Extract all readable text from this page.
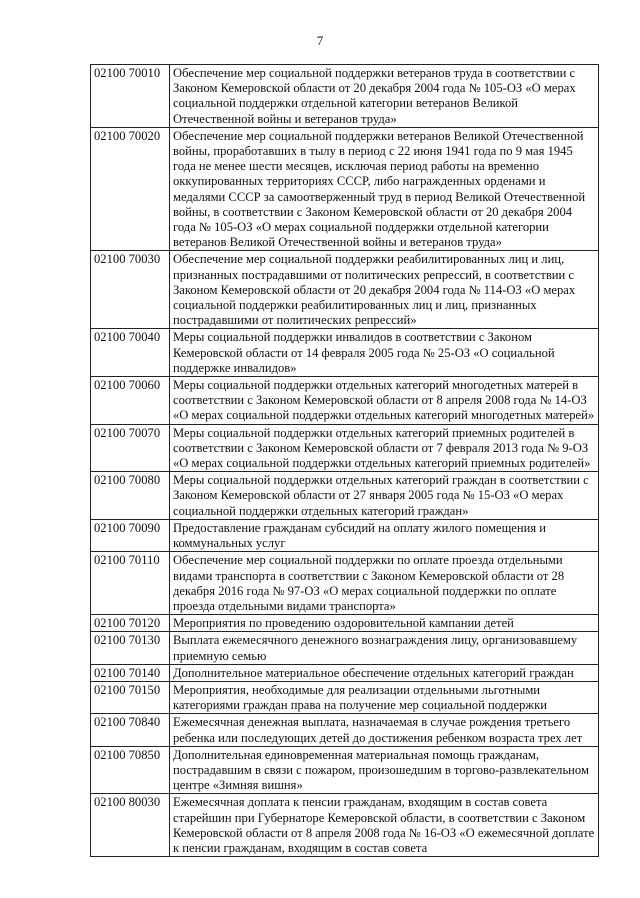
7
02100 70010	Обеспечение мер социальной поддержки ветеранов труда в соответствии с Законом Кемеровской области от 20 декабря 2004 года № 105-ОЗ «О мерах социальной поддержки отдельной категории ветеранов Великой Отечественной войны и ветеранов труда»
02100 70020	Обеспечение мер социальной поддержки ветеранов Великой Отечественной войны, проработавших в тылу в период с 22 июня 1941 года по 9 мая 1945 года не менее шести месяцев, исключая период работы на временно оккупированных территориях СССР, либо награжденных орденами и медалями СССР за самоотверженный труд в период Великой Отечественной войны, в соответствии с Законом Кемеровской области от 20 декабря 2004 года № 105-ОЗ «О мерах социальной поддержки отдельной категории ветеранов Великой Отечественной войны и ветеранов труда»
02100 70030	Обеспечение мер социальной поддержки реабилитированных лиц и лиц, признанных пострадавшими от политических репрессий, в соответствии с Законом Кемеровской области от 20 декабря 2004 года № 114-ОЗ «О мерах социальной поддержки реабилитированных лиц и лиц, признанных пострадавшими от политических репрессий»
02100 70040	Меры социальной поддержки инвалидов в соответствии с Законом Кемеровской области от 14 февраля 2005 года № 25-ОЗ «О социальной поддержке инвалидов»
02100 70060	Меры социальной поддержки отдельных категорий многодетных матерей в соответствии с Законом Кемеровской области от 8 апреля 2008 года № 14-ОЗ «О мерах социальной поддержки отдельных категорий многодетных матерей»
02100 70070	Меры социальной поддержки отдельных категорий приемных родителей в соответствии с Законом Кемеровской области от 7 февраля 2013 года № 9-ОЗ «О мерах социальной поддержки отдельных категорий приемных родителей»
02100 70080	Меры социальной поддержки отдельных категорий граждан в соответствии с Законом Кемеровской области от 27 января 2005 года № 15-ОЗ «О мерах социальной поддержки отдельных категорий граждан»
02100 70090	Предоставление гражданам субсидий на оплату жилого помещения и коммунальных услуг
02100 70110	Обеспечение мер социальной поддержки по оплате проезда отдельными видами транспорта в соответствии с Законом Кемеровской области от 28 декабря 2016 года № 97-ОЗ «О мерах социальной поддержки по оплате проезда отдельными видами транспорта»
02100 70120	Мероприятия по проведению оздоровительной кампании детей
02100 70130	Выплата ежемесячного денежного вознаграждения лицу, организовавшему приемную семью
02100 70140	Дополнительное материальное обеспечение отдельных категорий граждан
02100 70150	Мероприятия, необходимые для реализации отдельными льготными категориями граждан права на получение мер социальной поддержки
02100 70840	Ежемесячная денежная выплата, назначаемая в случае рождения третьего ребенка или последующих детей до достижения ребенком возраста трех лет
02100 70850	Дополнительная единовременная материальная помощь гражданам, пострадавшим в связи с пожаром, произошедшим в торгово-развлекательном центре «Зимняя вишня»
02100 80030	Ежемесячная доплата к пенсии гражданам, входящим в состав совета старейшин при Губернаторе Кемеровской области, в соответствии с Законом Кемеровской области от 8 апреля 2008 года № 16-ОЗ «О ежемесячной доплате к пенсии гражданам, входящим в состав совета
